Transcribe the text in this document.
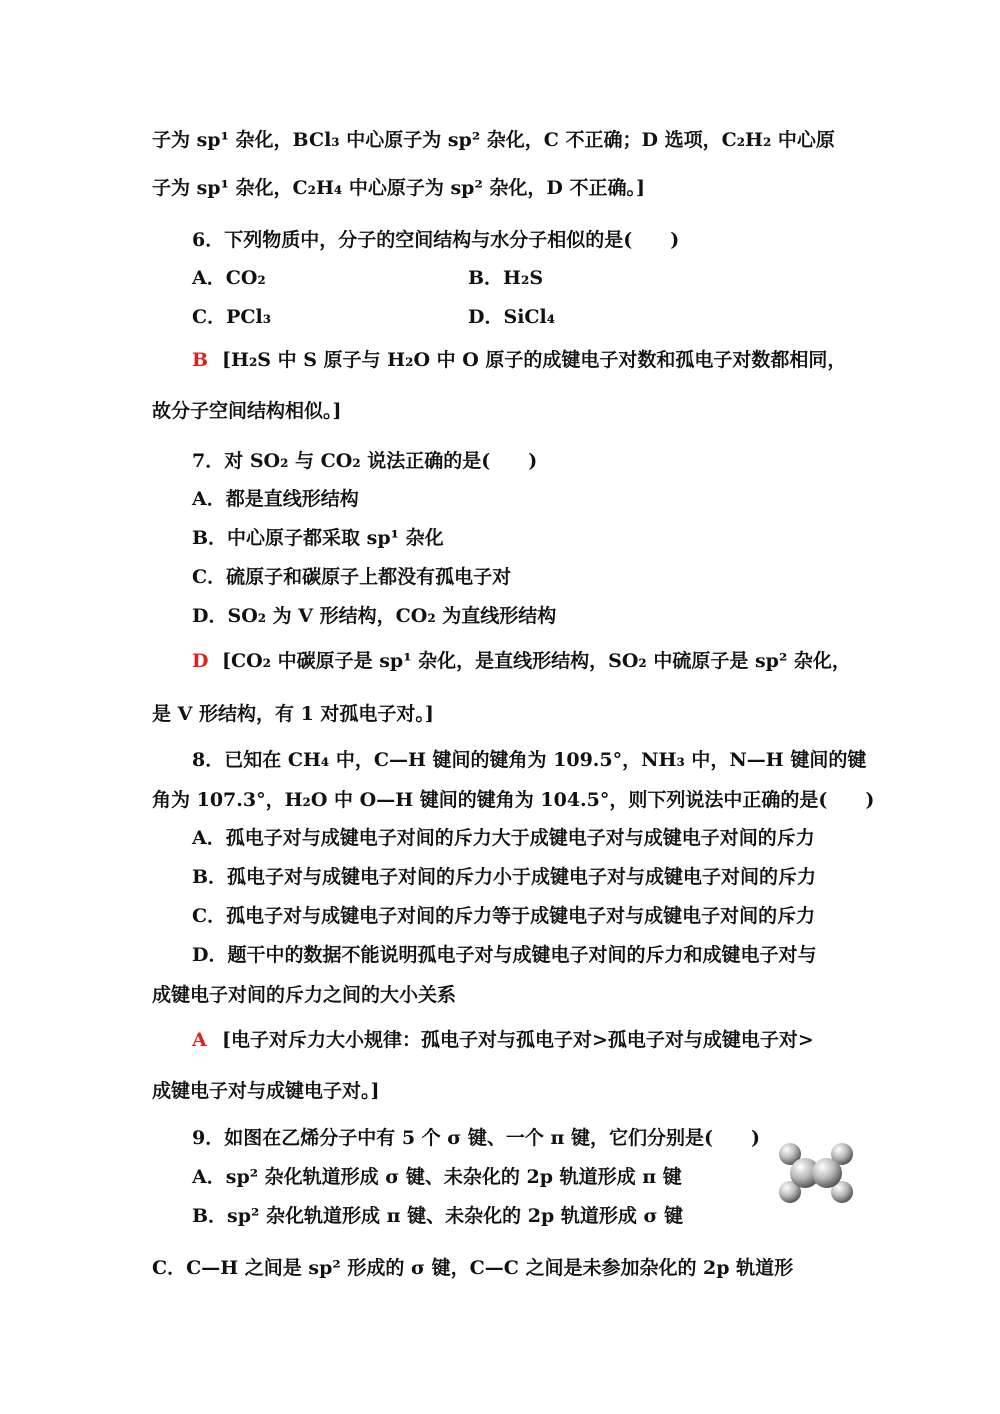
子为 sp¹ 杂化，BCl₃ 中心原子为 sp² 杂化，C 不正确；D 选项，C₂H₂ 中心原
子为 sp¹ 杂化，C₂H₄ 中心原子为 sp² 杂化，D 不正确。]
6．下列物质中，分子的空间结构与水分子相似的是(　　)
A．CO₂	B．H₂S
C．PCl₃	D．SiCl₄
B [H₂S 中 S 原子与 H₂O 中 O 原子的成键电子对数和孤电子对数都相同，
故分子空间结构相似。]
7．对 SO₂ 与 CO₂ 说法正确的是(　　)
A．都是直线形结构
B．中心原子都采取 sp¹ 杂化
C．硫原子和碳原子上都没有孤电子对
D．SO₂ 为 V 形结构，CO₂ 为直线形结构
D [CO₂ 中碳原子是 sp¹ 杂化，是直线形结构，SO₂ 中硫原子是 sp² 杂化，
是 V 形结构，有 1 对孤电子对。]
8．已知在 CH₄ 中，C—H 键间的键角为 109.5°，NH₃ 中，N—H 键间的键
角为 107.3°，H₂O 中 O—H 键间的键角为 104.5°，则下列说法中正确的是(　　)
A．孤电子对与成键电子对间的斥力大于成键电子对与成键电子对间的斥力
B．孤电子对与成键电子对间的斥力小于成键电子对与成键电子对间的斥力
C．孤电子对与成键电子对间的斥力等于成键电子对与成键电子对间的斥力
D．题干中的数据不能说明孤电子对与成键电子对间的斥力和成键电子对与
成键电子对间的斥力之间的大小关系
A [电子对斥力大小规律：孤电子对与孤电子对>孤电子对与成键电子对>
成键电子对与成键电子对。]
9．如图在乙烯分子中有 5 个 σ 键、一个 π 键，它们分别是(　　)
A．sp² 杂化轨道形成 σ 键、未杂化的 2p 轨道形成 π 键
B．sp² 杂化轨道形成 π 键、未杂化的 2p 轨道形成 σ 键
C．C—H 之间是 sp² 形成的 σ 键，C—C 之间是未参加杂化的 2p 轨道形
